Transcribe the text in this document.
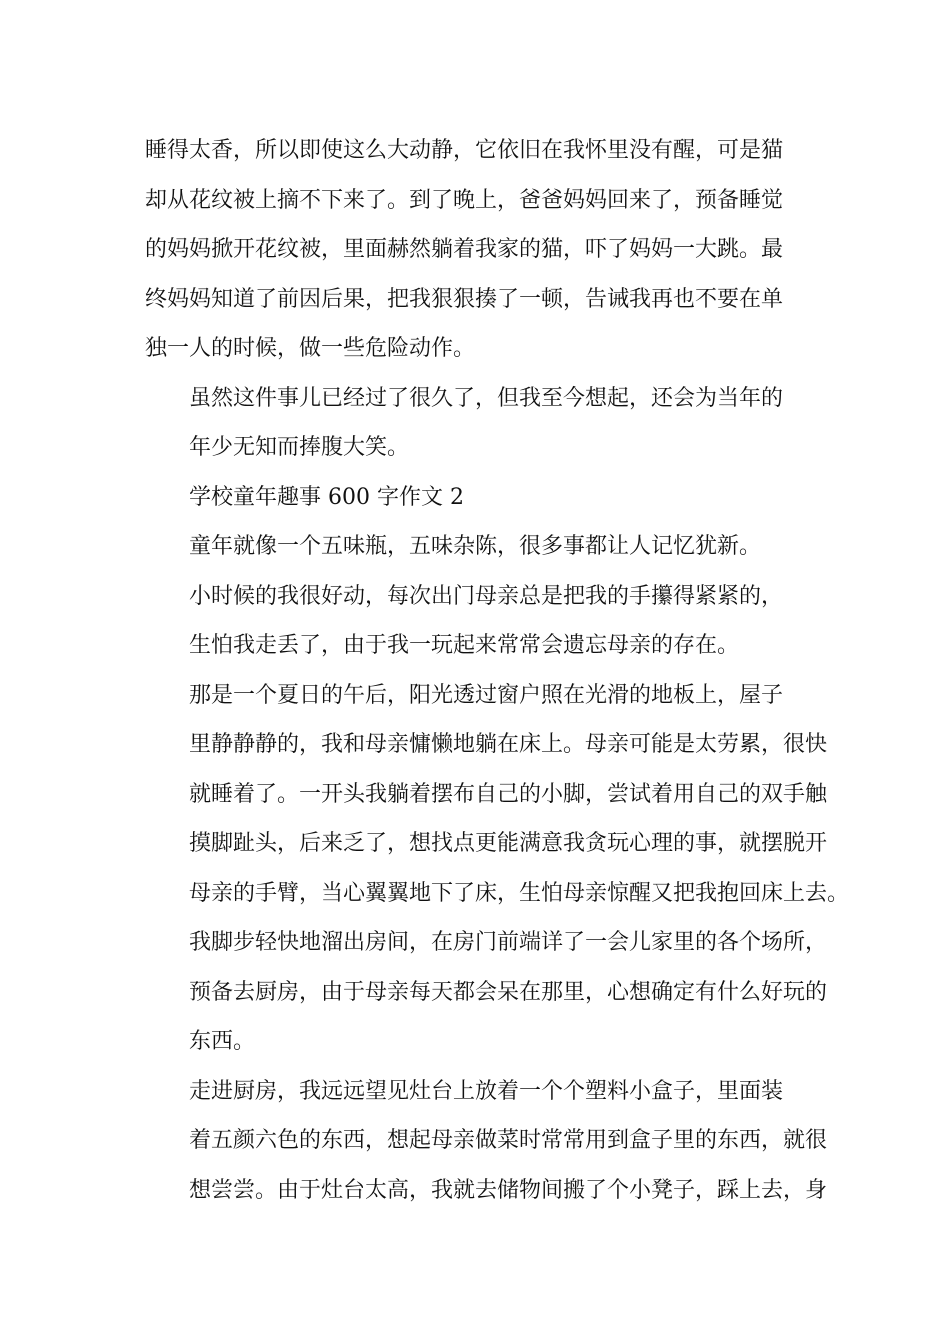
睡得太香，所以即使这么大动静，它依旧在我怀里没有醒，可是猫
却从花纹被上摘不下来了。到了晚上，爸爸妈妈回来了，预备睡觉
的妈妈掀开花纹被，里面赫然躺着我家的猫，吓了妈妈一大跳。最
终妈妈知道了前因后果，把我狠狠揍了一顿，告诫我再也不要在单
独一人的时候，做一些危险动作。

虽然这件事儿已经过了很久了，但我至今想起，还会为当年的
年少无知而捧腹大笑。

学校童年趣事 600 字作文 2

童年就像一个五味瓶，五味杂陈，很多事都让人记忆犹新。

小时候的我很好动，每次出门母亲总是把我的手攥得紧紧的，
生怕我走丢了，由于我一玩起来常常会遗忘母亲的存在。

那是一个夏日的午后，阳光透过窗户照在光滑的地板上，屋子
里静静静的，我和母亲慵懒地躺在床上。母亲可能是太劳累，很快
就睡着了。一开头我躺着摆布自己的小脚，尝试着用自己的双手触
摸脚趾头，后来乏了，想找点更能满意我贪玩心理的事，就摆脱开
母亲的手臂，当心翼翼地下了床，生怕母亲惊醒又把我抱回床上去。
我脚步轻快地溜出房间，在房门前端详了一会儿家里的各个场所，
预备去厨房，由于母亲每天都会呆在那里，心想确定有什么好玩的
东西。

走进厨房，我远远望见灶台上放着一个个塑料小盒子，里面装
着五颜六色的东西，想起母亲做菜时常常用到盒子里的东西，就很
想尝尝。由于灶台太高，我就去储物间搬了个小凳子，踩上去，身
